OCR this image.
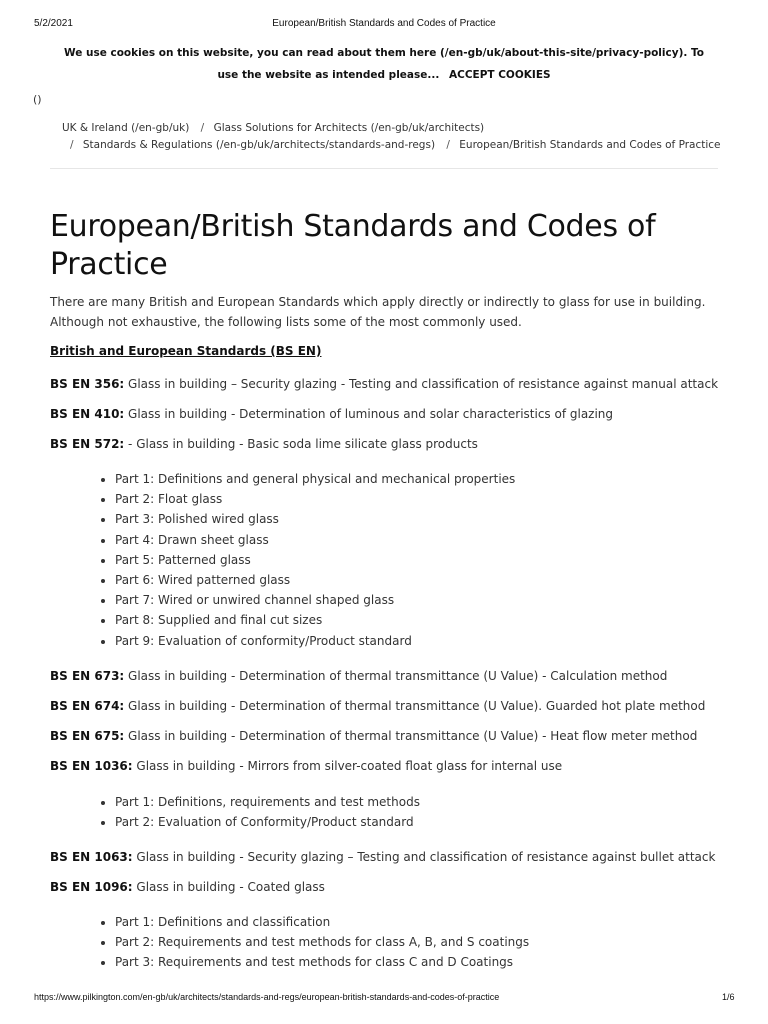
5/2/2021	European/British Standards and Codes of Practice
We use cookies on this website, you can read about them here (/en-gb/uk/about-this-site/privacy-policy). To use the website as intended please... ACCEPT COOKIES
()
UK & Ireland (/en-gb/uk) / Glass Solutions for Architects (/en-gb/uk/architects)
/ Standards & Regulations (/en-gb/uk/architects/standards-and-regs) / European/British Standards and Codes of Practice
European/British Standards and Codes of Practice

There are many British and European Standards which apply directly or indirectly to glass for use in building. Although not exhaustive, the following lists some of the most commonly used.

British and European Standards (BS EN)

BS EN 356: Glass in building – Security glazing - Testing and classification of resistance against manual attack

BS EN 410: Glass in building - Determination of luminous and solar characteristics of glazing

BS EN 572: - Glass in building - Basic soda lime silicate glass products

• Part 1: Definitions and general physical and mechanical properties
• Part 2: Float glass
• Part 3: Polished wired glass
• Part 4: Drawn sheet glass
• Part 5: Patterned glass
• Part 6: Wired patterned glass
• Part 7: Wired or unwired channel shaped glass
• Part 8: Supplied and final cut sizes
• Part 9: Evaluation of conformity/Product standard

BS EN 673: Glass in building - Determination of thermal transmittance (U Value) - Calculation method

BS EN 674: Glass in building - Determination of thermal transmittance (U Value). Guarded hot plate method

BS EN 675: Glass in building - Determination of thermal transmittance (U Value) - Heat flow meter method

BS EN 1036: Glass in building - Mirrors from silver-coated float glass for internal use

• Part 1: Definitions, requirements and test methods
• Part 2: Evaluation of Conformity/Product standard

BS EN 1063: Glass in building - Security glazing – Testing and classification of resistance against bullet attack

BS EN 1096: Glass in building - Coated glass

• Part 1: Definitions and classification
• Part 2: Requirements and test methods for class A, B, and S coatings
• Part 3: Requirements and test methods for class C and D Coatings
https://www.pilkington.com/en-gb/uk/architects/standards-and-regs/european-british-standards-and-codes-of-practice	1/6
